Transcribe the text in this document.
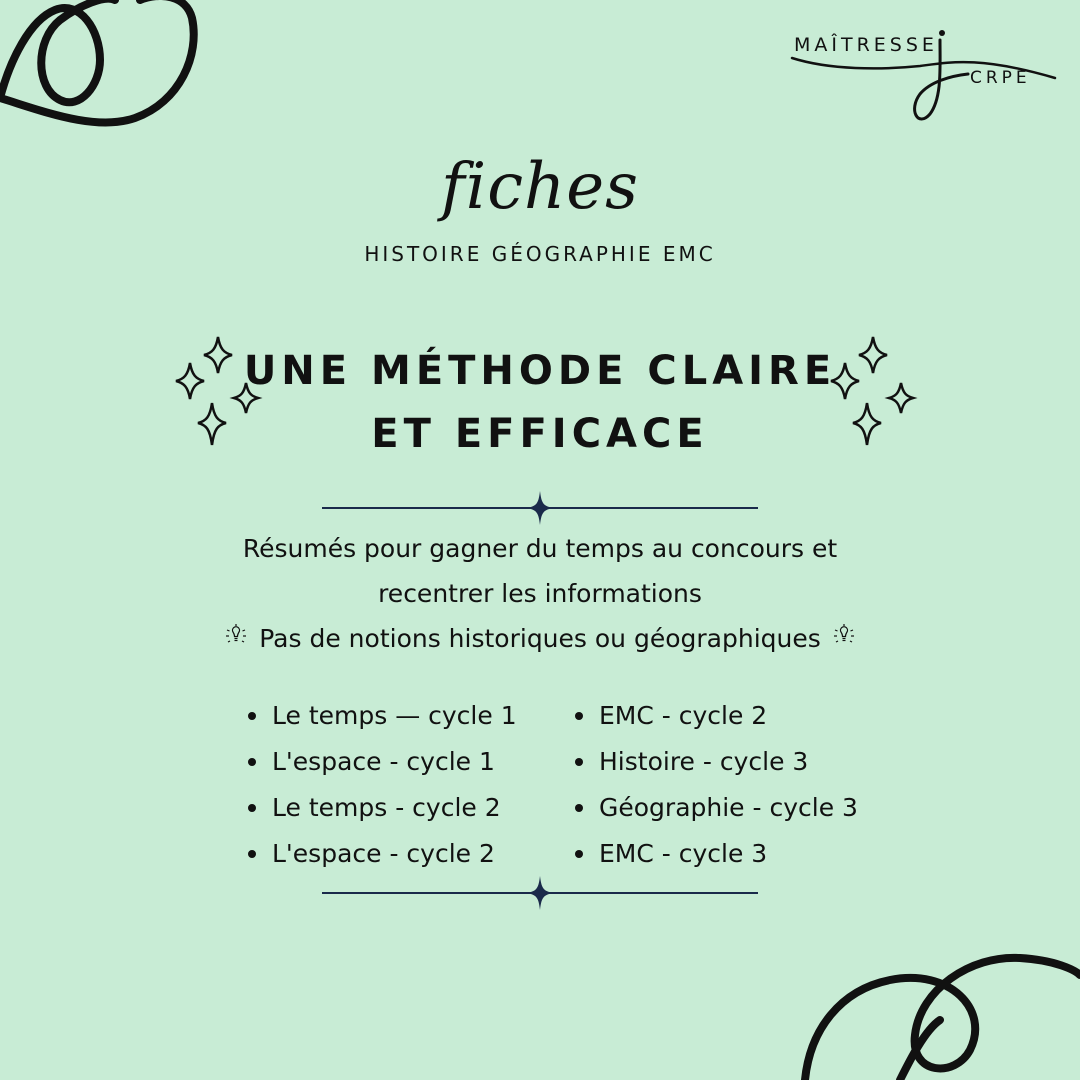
MAÎTRESSE
CRPE
fiches
HISTOIRE GÉOGRAPHIE EMC
UNE MÉTHODE CLAIRE
ET EFFICACE
Résumés pour gagner du temps au concours et
recentrer les informations
Pas de notions historiques ou géographiques
Le temps — cycle 1
L'espace - cycle 1
Le temps - cycle 2
L'espace - cycle 2
EMC - cycle 2
Histoire - cycle 3
Géographie - cycle 3
EMC - cycle 3
